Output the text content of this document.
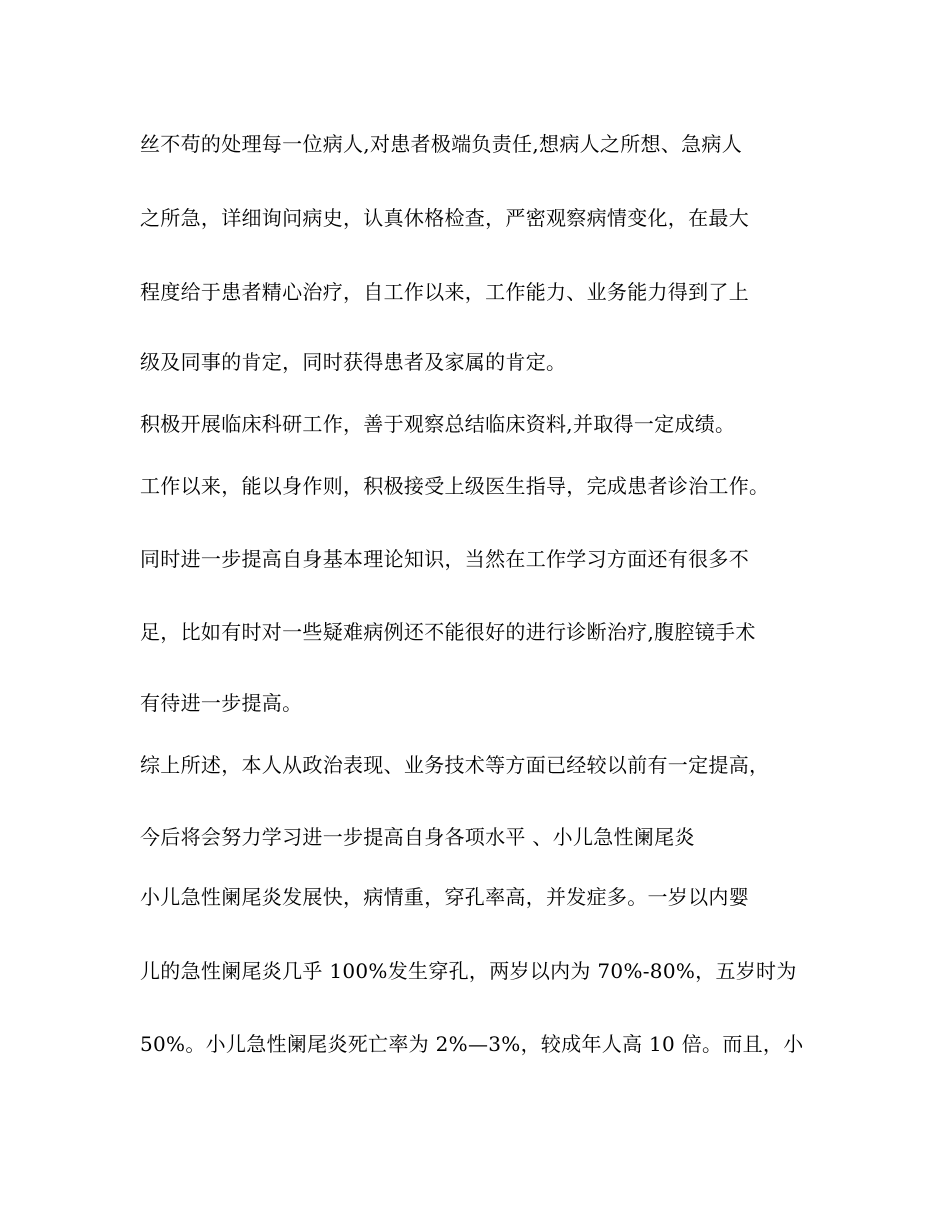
丝不苟的处理每一位病人,对患者极端负责任,想病人之所想、急病人

之所急，详细询问病史，认真休格检查，严密观察病情变化，在最大

程度给于患者精心治疗，自工作以来，工作能力、业务能力得到了上

级及同事的肯定，同时获得患者及家属的肯定。

积极开展临床科研工作，善于观察总结临床资料,并取得一定成绩。

工作以来，能以身作则，积极接受上级医生指导，完成患者诊治工作。

同时进一步提高自身基本理论知识，当然在工作学习方面还有很多不

足，比如有时对一些疑难病例还不能很好的进行诊断治疗,腹腔镜手术

有待进一步提高。

综上所述，本人从政治表现、业务技术等方面已经较以前有一定提高，

今后将会努力学习进一步提高自身各项水平 、小儿急性阑尾炎

小儿急性阑尾炎发展快，病情重，穿孔率高，并发症多。一岁以内婴

儿的急性阑尾炎几乎 100%发生穿孔，两岁以内为 70%-80%，五岁时为

50%。小儿急性阑尾炎死亡率为 2%—3%，较成年人高 10 倍。而且，小
